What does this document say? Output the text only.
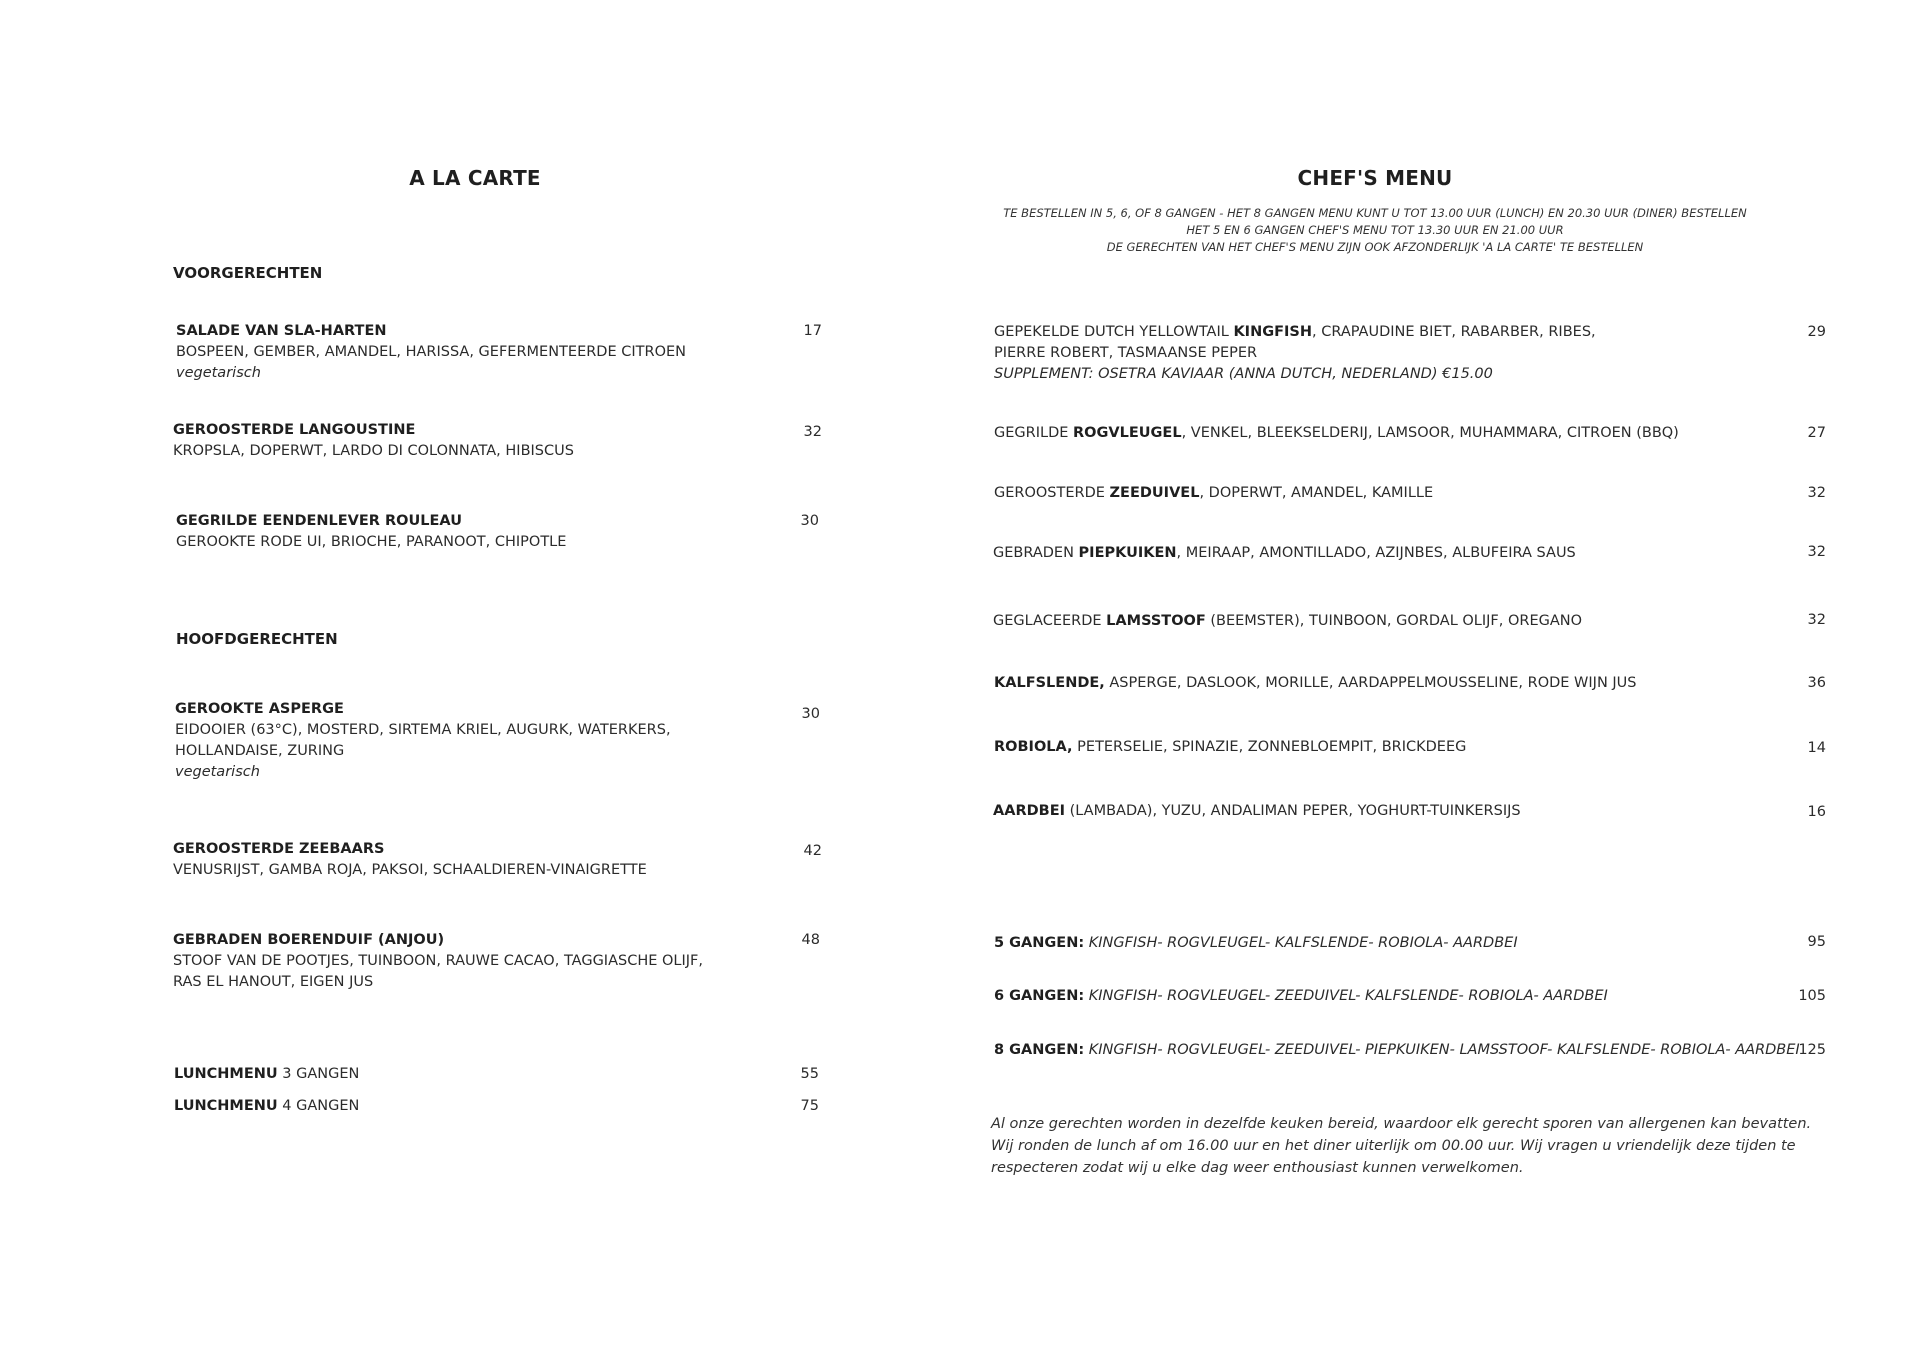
A LA CARTE
VOORGERECHTEN
SALADE VAN SLA-HARTEN
BOSPEEN, GEMBER, AMANDEL, HARISSA, GEFERMENTEERDE CITROEN
vegetarisch
17
GEROOSTERDE LANGOUSTINE
KROPSLA, DOPERWT, LARDO DI COLONNATA, HIBISCUS
32
GEGRILDE EENDENLEVER ROULEAU
GEROOKTE RODE UI, BRIOCHE, PARANOOT, CHIPOTLE
30
HOOFDGERECHTEN
GEROOKTE ASPERGE
EIDOOIER (63°C), MOSTERD, SIRTEMA KRIEL, AUGURK, WATERKERS,
HOLLANDAISE, ZURING
vegetarisch
30
GEROOSTERDE ZEEBAARS
VENUSRIJST, GAMBA ROJA, PAKSOI, SCHAALDIEREN-VINAIGRETTE
42
GEBRADEN BOERENDUIF (ANJOU)
STOOF VAN DE POOTJES, TUINBOON, RAUWE CACAO, TAGGIASCHE OLIJF,
RAS EL HANOUT, EIGEN JUS
48
LUNCHMENU 3 GANGEN	55
LUNCHMENU 4 GANGEN	75
CHEF'S MENU
TE BESTELLEN IN 5, 6, OF 8 GANGEN - HET 8 GANGEN MENU KUNT U TOT 13.00 UUR (LUNCH) EN 20.30 UUR (DINER) BESTELLEN
HET 5 EN 6 GANGEN CHEF'S MENU TOT 13.30 UUR EN 21.00 UUR
DE GERECHTEN VAN HET CHEF'S MENU ZIJN OOK AFZONDERLIJK 'A LA CARTE' TE BESTELLEN
GEPEKELDE DUTCH YELLOWTAIL KINGFISH, CRAPAUDINE BIET, RABARBER, RIBES,
PIERRE ROBERT, TASMAANSE PEPER
SUPPLEMENT: OSETRA KAVIAAR (ANNA DUTCH, NEDERLAND) €15.00
29
GEGRILDE ROGVLEUGEL, VENKEL, BLEEKSELDERIJ, LAMSOOR, MUHAMMARA, CITROEN (BBQ)	27
GEROOSTERDE ZEEDUIVEL, DOPERWT, AMANDEL, KAMILLE	32
GEBRADEN PIEPKUIKEN, MEIRAAP, AMONTILLADO, AZIJNBES, ALBUFEIRA SAUS	32
GEGLACEERDE LAMSSTOOF (BEEMSTER), TUINBOON, GORDAL OLIJF, OREGANO	32
KALFSLENDE, ASPERGE, DASLOOK, MORILLE, AARDAPPELMOUSSELINE, RODE WIJN JUS	36
ROBIOLA, PETERSELIE, SPINAZIE, ZONNEBLOEMPIT, BRICKDEEG	14
AARDBEI (LAMBADA), YUZU, ANDALIMAN PEPER, YOGHURT-TUINKERSIJS	16
5 GANGEN: KINGFISH- ROGVLEUGEL- KALFSLENDE- ROBIOLA- AARDBEI	95
6 GANGEN: KINGFISH- ROGVLEUGEL- ZEEDUIVEL- KALFSLENDE- ROBIOLA- AARDBEI	105
8 GANGEN: KINGFISH- ROGVLEUGEL- ZEEDUIVEL- PIEPKUIKEN- LAMSSTOOF- KALFSLENDE- ROBIOLA- AARDBEI
125
Al onze gerechten worden in dezelfde keuken bereid, waardoor elk gerecht sporen van allergenen kan bevatten.
Wij ronden de lunch af om 16.00 uur en het diner uiterlijk om 00.00 uur. Wij vragen u vriendelijk deze tijden te
respecteren zodat wij u elke dag weer enthousiast kunnen verwelkomen.
